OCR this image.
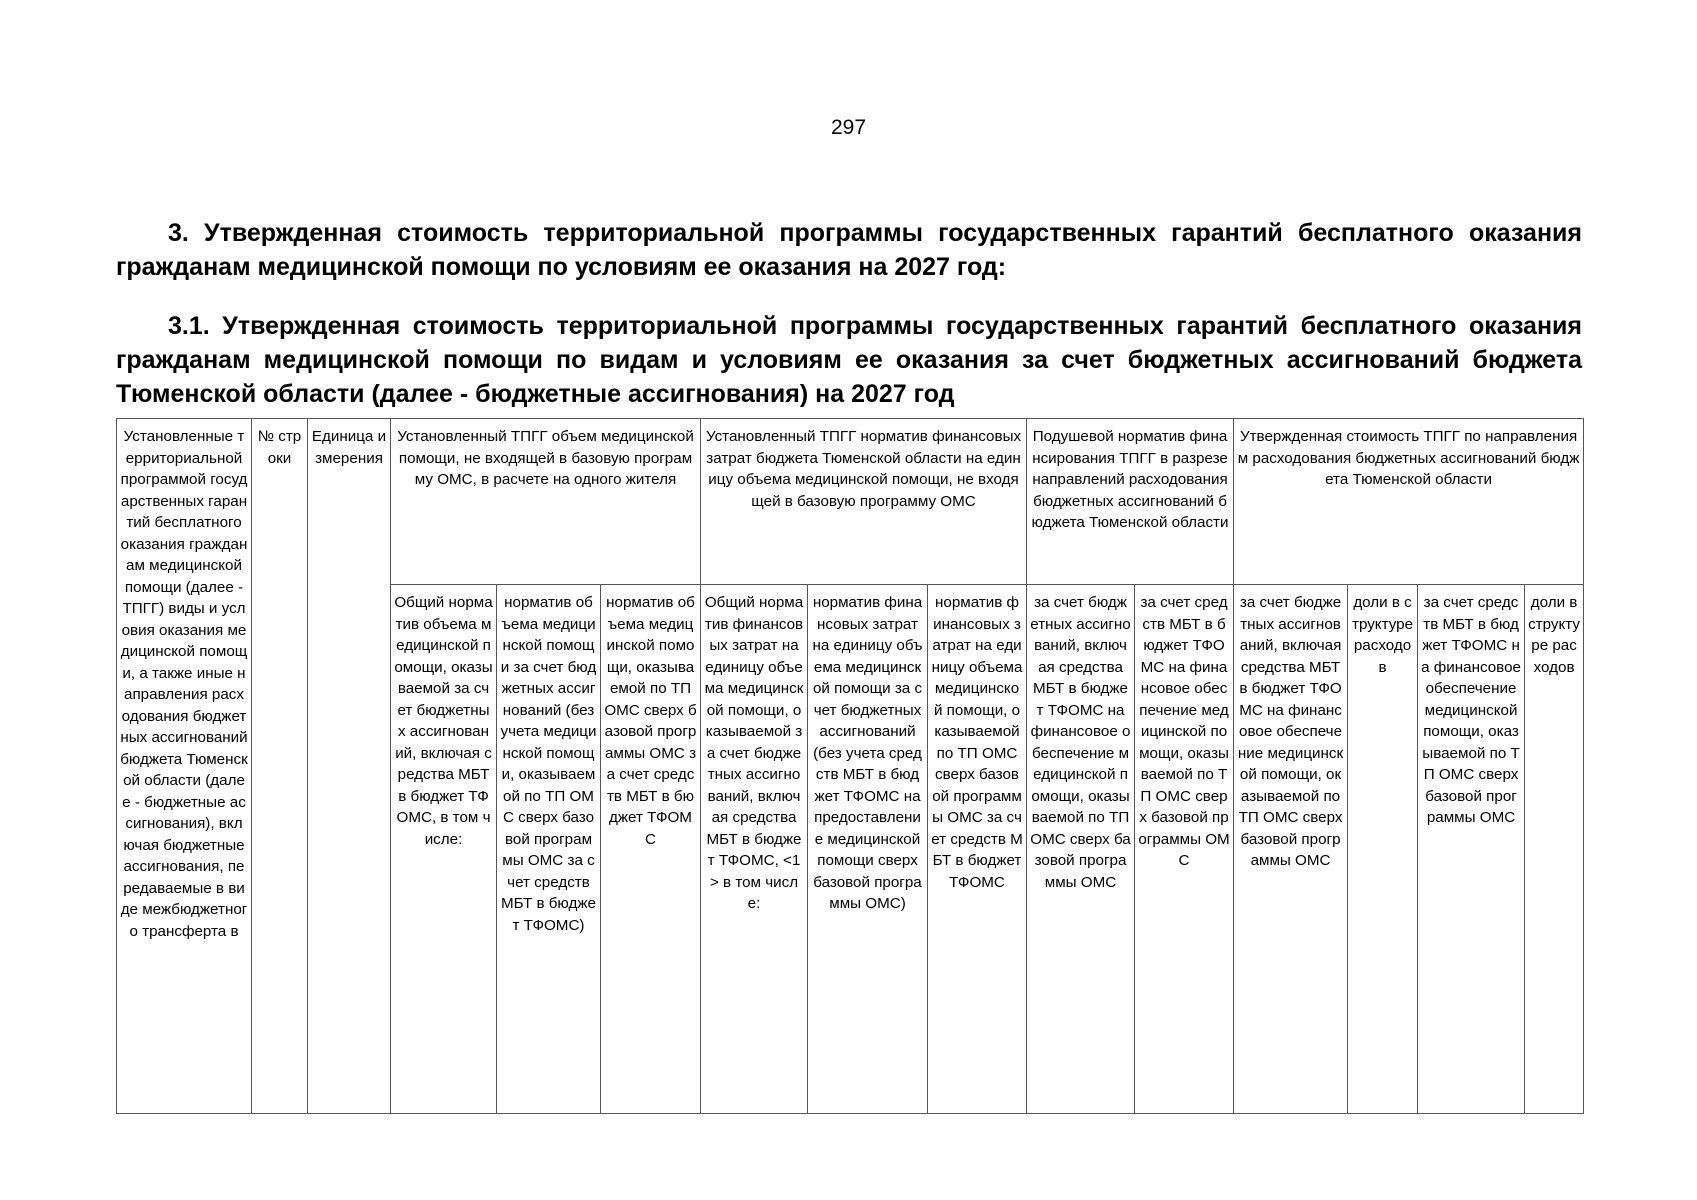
297
3. Утвержденная стоимость территориальной программы государственных гарантий бесплатного оказания гражданам медицинской помощи по условиям ее оказания на 2027 год:
3.1. Утвержденная стоимость территориальной программы государственных гарантий бесплатного оказания гражданам медицинской помощи по видам и условиям ее оказания за счет бюджетных ассигнований бюджета Тюменской области (далее - бюджетные ассигнования) на 2027 год
Установленные территориальной программой государственных гарантий бесплатного оказания гражданам медицинской помощи (далее - ТПГГ) виды и условия оказания медицинской помощи, а также иные направления расходования бюджетных ассигнований бюджета Тюменской области (далее - бюджетные ассигнования), включая бюджетные ассигнования, передаваемые в виде межбюджетного трансферта в	№ строки	Единица измерения	Установленный ТПГГ объем медицинской помощи, не входящей в базовую программу ОМС, в расчете на одного жителя			Установленный ТПГГ норматив финансовых затрат бюджета Тюменской области на единицу объема медицинской помощи, не входящей в базовую программу ОМС			Подушевой норматив финансирования ТПГГ в разрезе направлений расходования бюджетных ассигнований бюджета Тюменской области		Утвержденная стоимость ТПГГ по направлениям расходования бюджетных ассигнований бюджета Тюменской области			
			Общий норматив объема медицинской помощи, оказываемой за счет бюджетных ассигнований, включая средства МБТ в бюджет ТФОМС, в том числе:	норматив объема медицинской помощи за счет бюджетных ассигнований (без учета медицинской помощи, оказываемой по ТП ОМС сверх базовой программы ОМС за счет средств МБТ в бюджет ТФОМС)	норматив объема медицинской помощи, оказываемой по ТП ОМС сверх базовой программы ОМС за счет средств МБТ в бюджет ТФОМС	Общий норматив финансовых затрат на единицу объема медицинской помощи, оказываемой за счет бюджетных ассигнований, включая средства МБТ в бюджет ТФОМС, <1> в том числе:	норматив финансовых затрат на единицу объема медицинской помощи за счет бюджетных ассигнований (без учета средств МБТ в бюджет ТФОМС на предоставление медицинской помощи сверх базовой программы ОМС)	норматив финансовых затрат на единицу объема медицинской помощи, оказываемой по ТП ОМС сверх базовой программы ОМС за счет средств МБТ в бюджет ТФОМС	за счет бюджетных ассигнований, включая средства МБТ в бюджет ТФОМС на финансовое обеспечение медицинской помощи, оказываемой по ТП ОМС сверх базовой программы ОМС	за счет средств МБТ в бюджет ТФОМС на финансовое обеспечение медицинской помощи, оказываемой по ТП ОМС сверх базовой программы ОМС	за счет бюджетных ассигнований, включая средства МБТ в бюджет ТФОМС на финансовое обеспечение медицинской помощи, оказываемой по ТП ОМС сверх базовой программы ОМС	доли в структуре расходов	за счет средств МБТ в бюджет ТФОМС на финансовое обеспечение медицинской помощи, оказываемой по ТП ОМС сверх базовой программы ОМС	доли в структуре расходов
